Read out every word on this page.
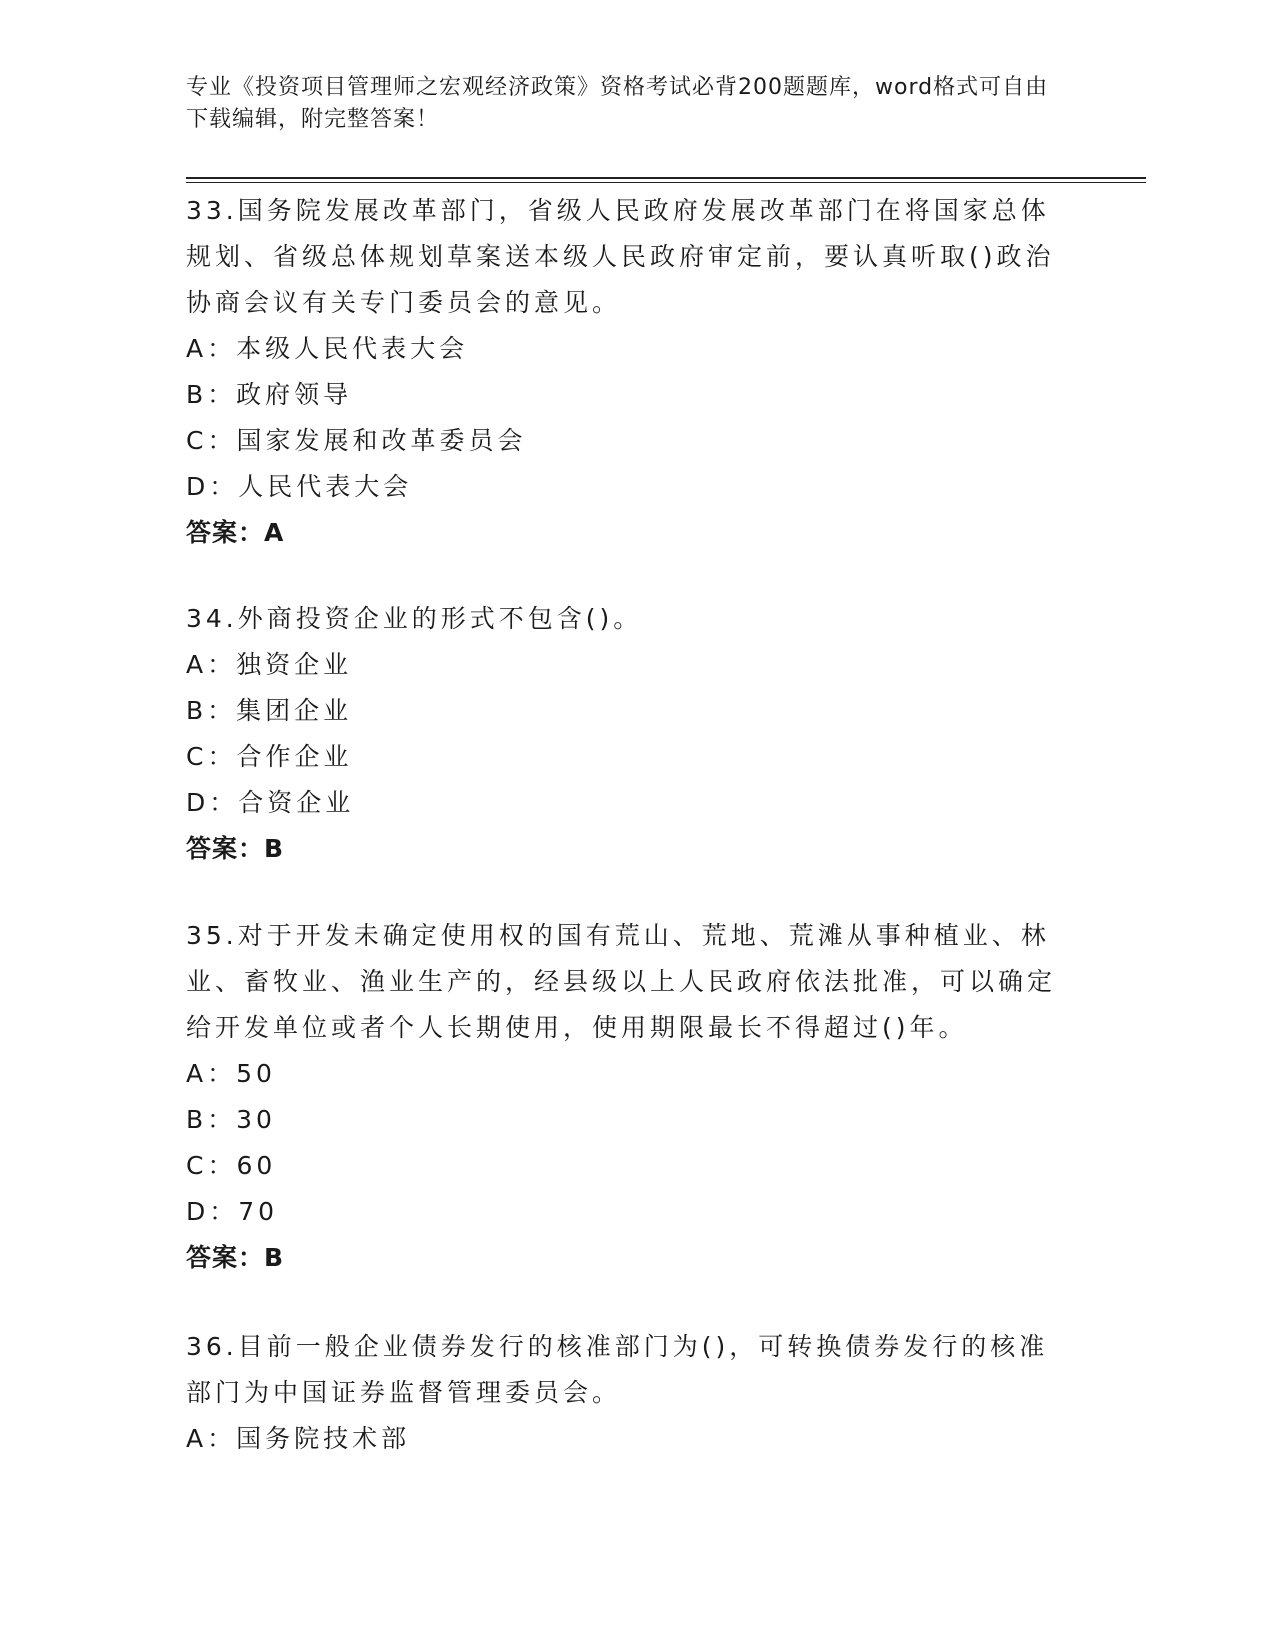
专业《投资项目管理师之宏观经济政策》资格考试必背200题题库，word格式可自由下载编辑，附完整答案！
33.国务院发展改革部门，省级人民政府发展改革部门在将国家总体规划、省级总体规划草案送本级人民政府审定前，要认真听取()政治协商会议有关专门委员会的意见。
A：本级人民代表大会
B：政府领导
C：国家发展和改革委员会
D：人民代表大会
答案：A
34.外商投资企业的形式不包含()。
A：独资企业
B：集团企业
C：合作企业
D：合资企业
答案：B
35.对于开发未确定使用权的国有荒山、荒地、荒滩从事种植业、林业、畜牧业、渔业生产的，经县级以上人民政府依法批准，可以确定给开发单位或者个人长期使用，使用期限最长不得超过()年。
A：50
B：30
C：60
D：70
答案：B
36.目前一般企业债券发行的核准部门为()，可转换债券发行的核准部门为中国证券监督管理委员会。
A：国务院技术部
